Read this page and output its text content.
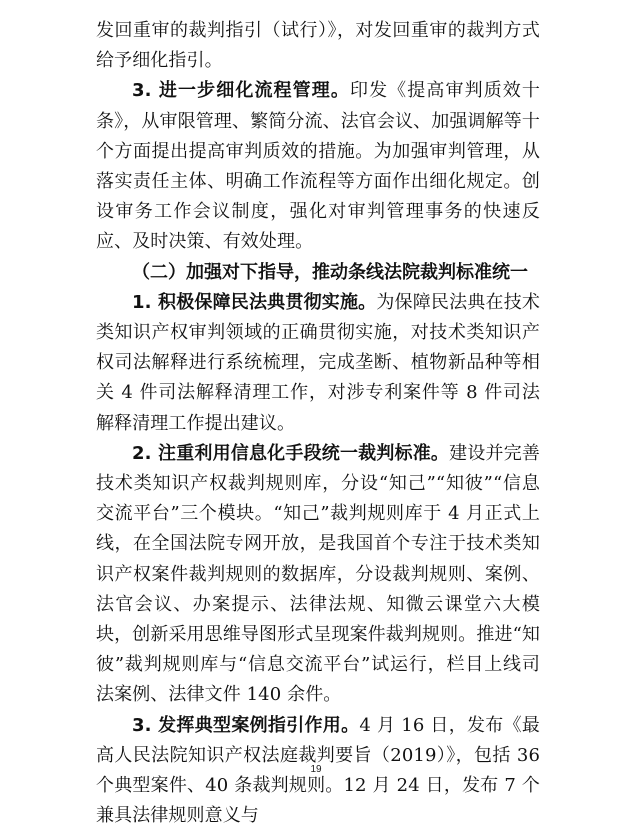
发回重审的裁判指引（试行）》，对发回重审的裁判方式给予细化指引。

3. 进一步细化流程管理。印发《提高审判质效十条》，从审限管理、繁简分流、法官会议、加强调解等十个方面提出提高审判质效的措施。为加强审判管理，从落实责任主体、明确工作流程等方面作出细化规定。创设审务工作会议制度，强化对审判管理事务的快速反应、及时决策、有效处理。

（二）加强对下指导，推动条线法院裁判标准统一

1. 积极保障民法典贯彻实施。为保障民法典在技术类知识产权审判领域的正确贯彻实施，对技术类知识产权司法解释进行系统梳理，完成垄断、植物新品种等相关 4 件司法解释清理工作，对涉专利案件等 8 件司法解释清理工作提出建议。

2. 注重利用信息化手段统一裁判标准。建设并完善技术类知识产权裁判规则库，分设“知己”“知彼”“信息交流平台”三个模块。“知己”裁判规则库于 4 月正式上线，在全国法院专网开放，是我国首个专注于技术类知识产权案件裁判规则的数据库，分设裁判规则、案例、法官会议、办案提示、法律法规、知微云课堂六大模块，创新采用思维导图形式呈现案件裁判规则。推进“知彼”裁判规则库与“信息交流平台”试运行，栏目上线司法案例、法律文件 140 余件。

3. 发挥典型案例指引作用。4 月 16 日，发布《最高人民法院知识产权法庭裁判要旨（2019）》，包括 36 个典型案件、40 条裁判规则。12 月 24 日，发布 7 个兼具法律规则意义与

19
